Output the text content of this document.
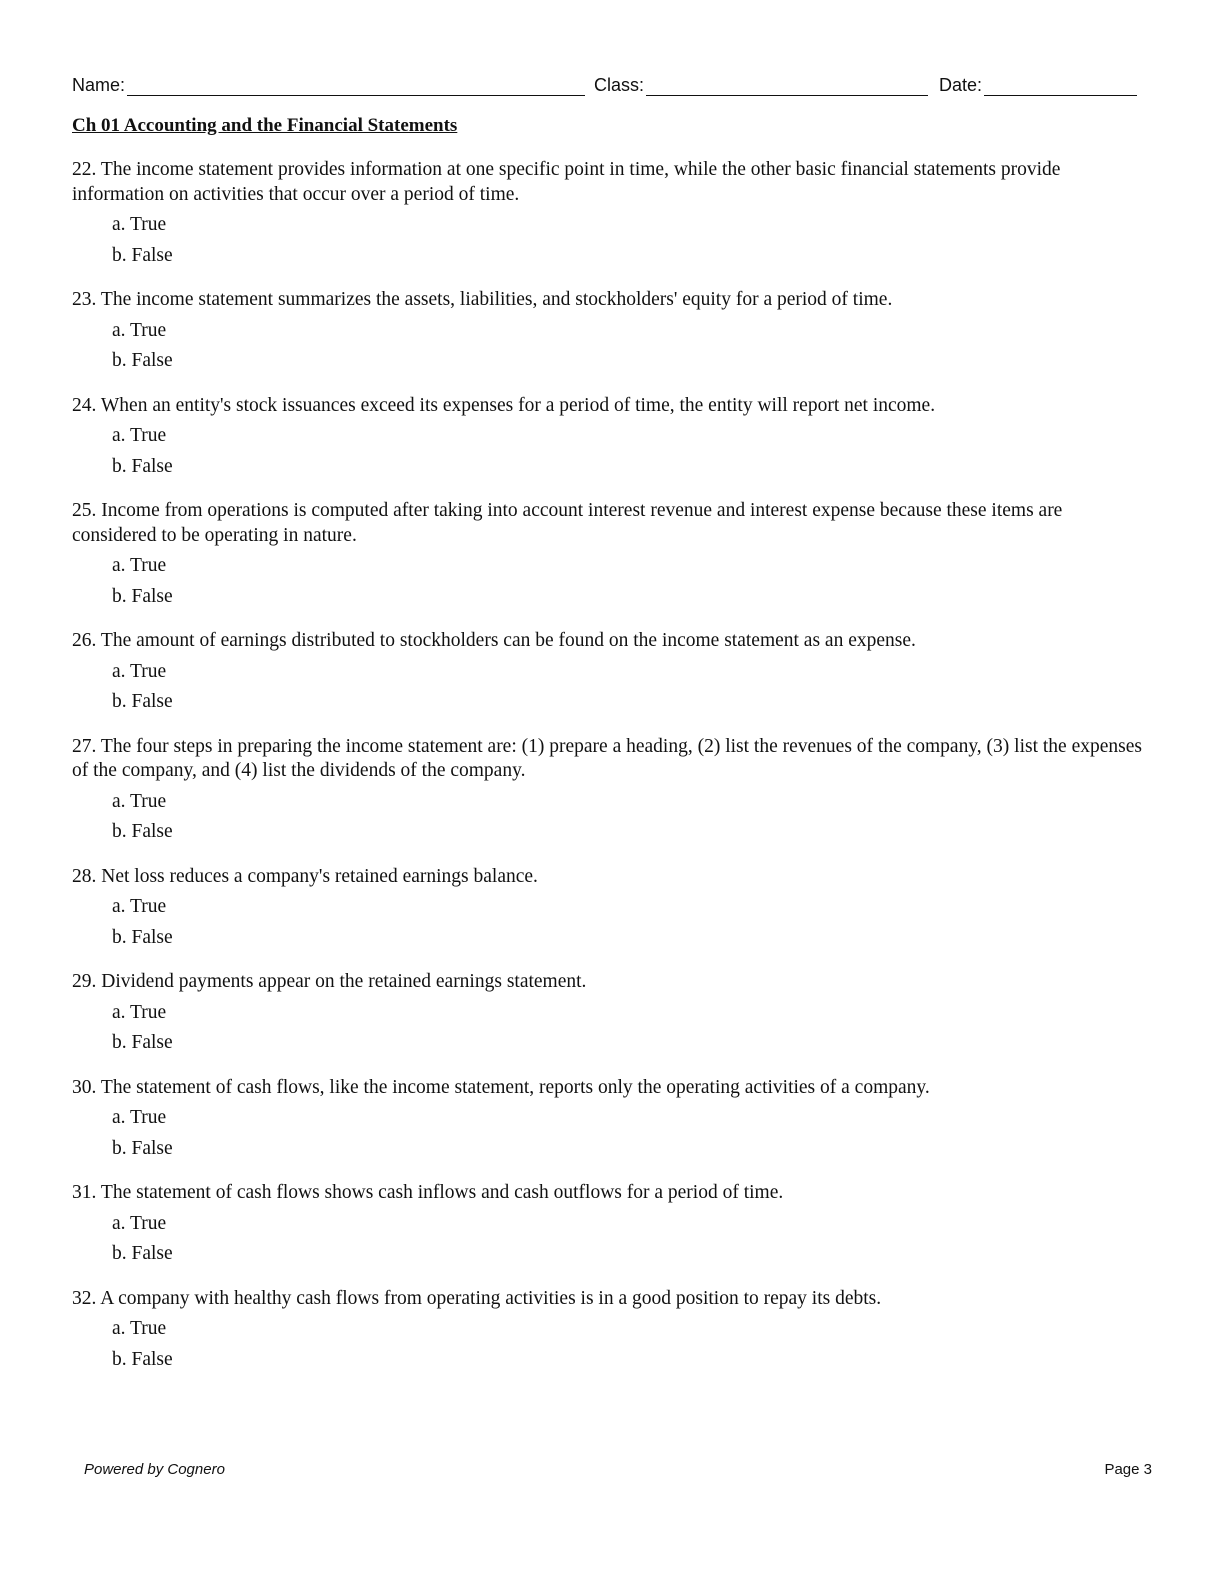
Name:	Class:	Date:
Ch 01 Accounting and the Financial Statements

22. The income statement provides information at one specific point in time, while the other basic financial statements provide information on activities that occur over a period of time.

a. True
b. False

23. The income statement summarizes the assets, liabilities, and stockholders' equity for a period of time.

a. True
b. False

24. When an entity's stock issuances exceed its expenses for a period of time, the entity will report net income.

a. True
b. False

25. Income from operations is computed after taking into account interest revenue and interest expense because these items are considered to be operating in nature.

a. True
b. False

26. The amount of earnings distributed to stockholders can be found on the income statement as an expense.

a. True
b. False

27. The four steps in preparing the income statement are: (1) prepare a heading, (2) list the revenues of the company, (3) list the expenses of the company, and (4) list the dividends of the company.

a. True
b. False

28. Net loss reduces a company's retained earnings balance.

a. True
b. False

29. Dividend payments appear on the retained earnings statement.

a. True
b. False

30. The statement of cash flows, like the income statement, reports only the operating activities of a company.

a. True
b. False

31. The statement of cash flows shows cash inflows and cash outflows for a period of time.

a. True
b. False

32. A company with healthy cash flows from operating activities is in a good position to repay its debts.

a. True
b. False
Powered by Cognero	Page 3
